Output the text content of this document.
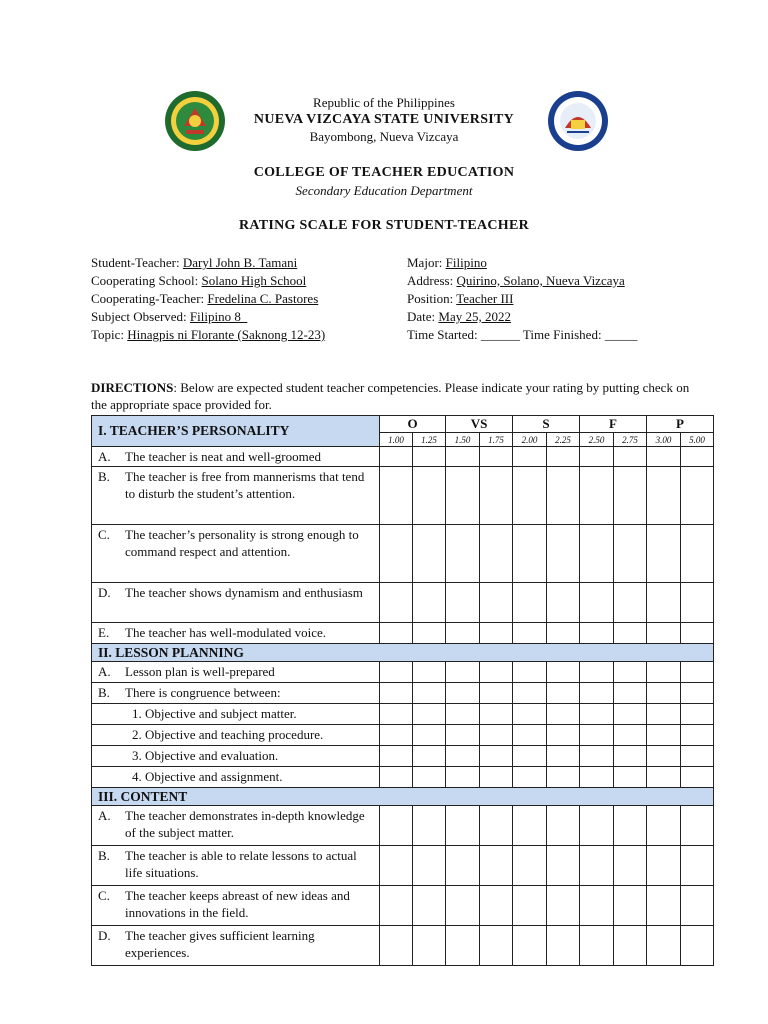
Republic of the Philippines
NUEVA VIZCAYA STATE UNIVERSITY
Bayombong, Nueva Vizcaya
COLLEGE OF TEACHER EDUCATION
Secondary Education Department
RATING SCALE FOR STUDENT-TEACHER
Student-Teacher: Daryl John B. Tamani
Cooperating School: Solano High School
Cooperating-Teacher: Fredelina C. Pastores
Subject Observed: Filipino 8
Topic: Hinagpis ni Florante (Saknong 12-23)
Major: Filipino
Address: Quirino, Solano, Nueva Vizcaya
Position: Teacher III
Date: May 25, 2022
Time Started: ______ Time Finished: _____
DIRECTIONS: Below are expected student teacher competencies. Please indicate your rating by putting check on the appropriate space provided for.
I. TEACHER’S PERSONALITY	O		VS		S		F		P	
	1.00	1.25	1.50	1.75	2.00	2.25	2.50	2.75	3.00	5.00

A. The teacher is neat and well-groomed										

B. The teacher is free from mannerisms that tend to disturb the student’s attention.										

C. The teacher’s personality is strong enough to command respect and attention.										

D. The teacher shows dynamism and enthusiasm										

E. The teacher has well-modulated voice.										

II. LESSON PLANNING										

A. Lesson plan is well-prepared										

B. There is congruence between:										

1. Objective and subject matter.										

2. Objective and teaching procedure.										

3. Objective and evaluation.										

4. Objective and assignment.										

III. CONTENT										

A. The teacher demonstrates in-depth knowledge of the subject matter.										

B. The teacher is able to relate lessons to actual life situations.										

C. The teacher keeps abreast of new ideas and innovations in the field.										

D. The teacher gives sufficient learning experiences.										
